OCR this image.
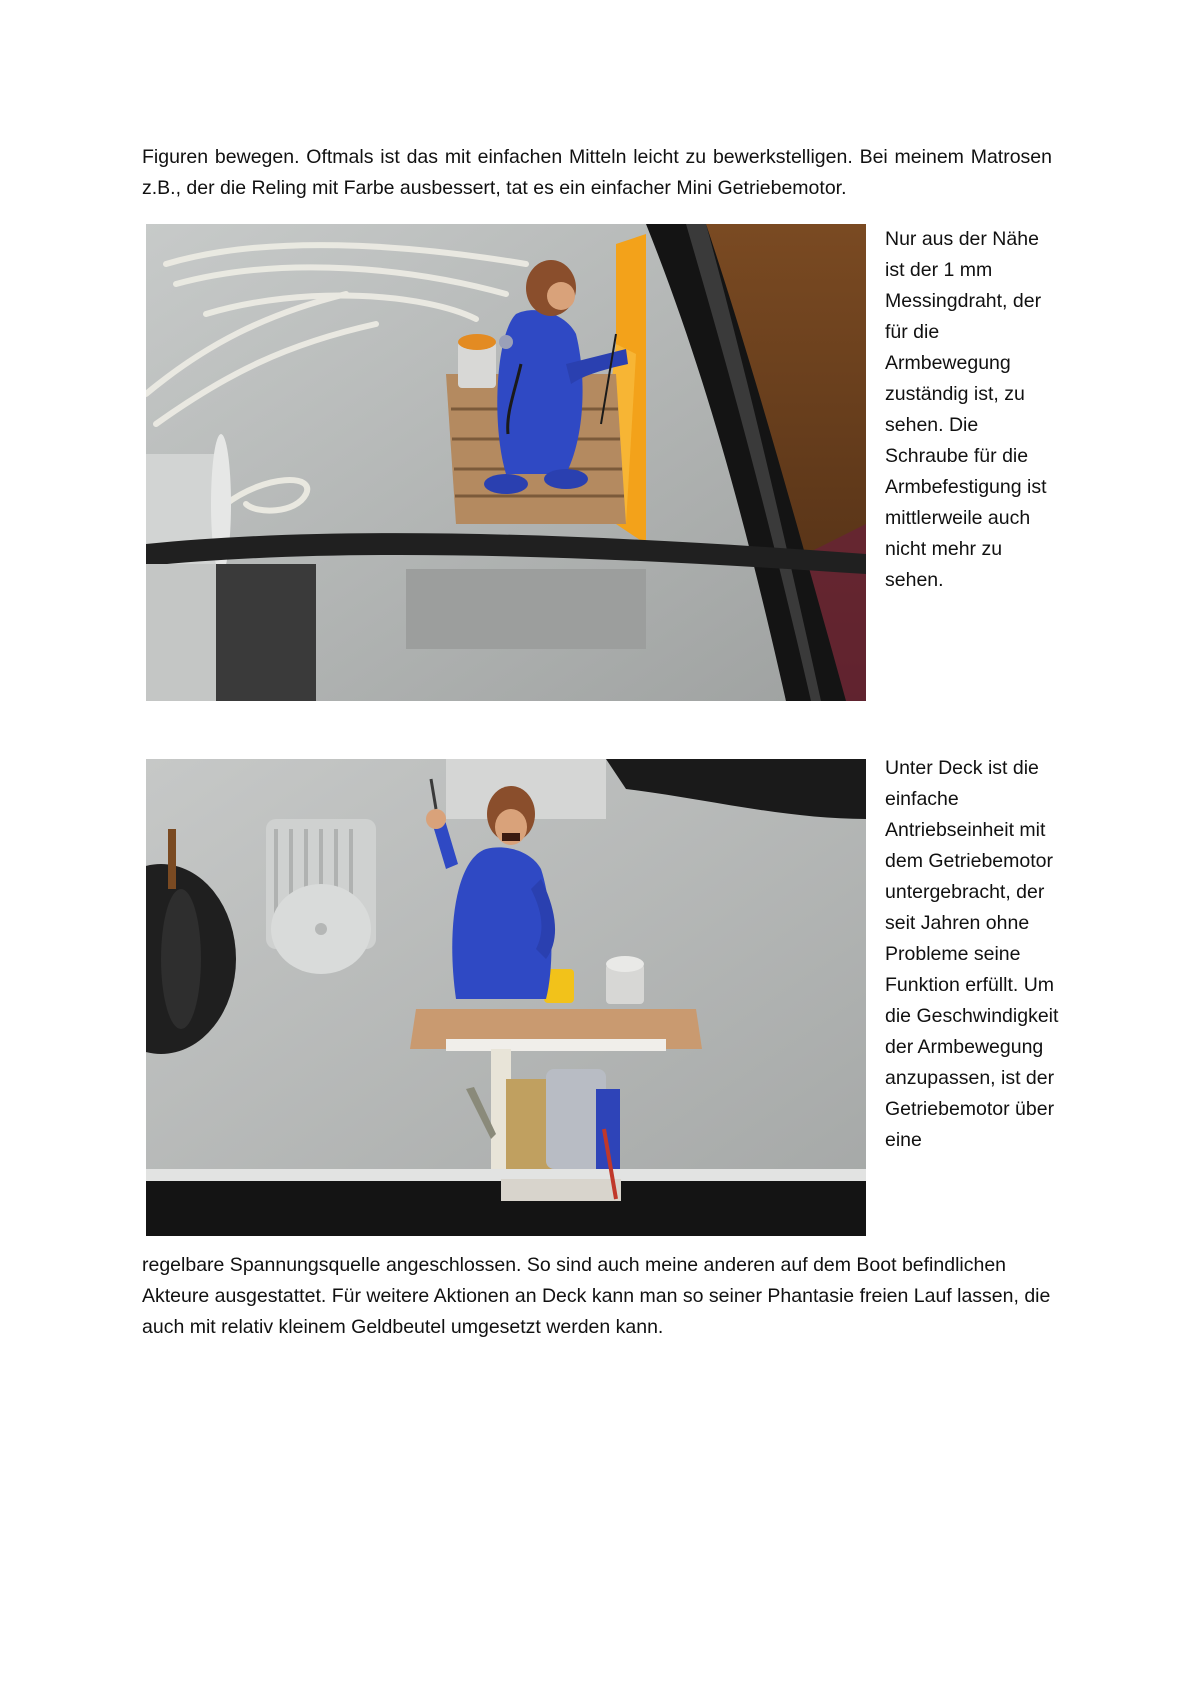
Figuren bewegen. Oftmals ist das mit einfachen Mitteln leicht zu bewerkstelligen. Bei meinem Matrosen z.B., der die Reling mit Farbe ausbessert, tat es ein einfacher Mini Getriebemotor.

Nur aus der Nähe ist der 1 mm Messingdraht, der für die Armbewegung zuständig ist, zu sehen. Die Schraube für die Armbefestigung ist mittlerweile auch nicht mehr zu sehen.

Unter Deck ist die einfache Antriebseinheit mit dem Getriebemotor untergebracht, der seit Jahren ohne Probleme seine Funktion erfüllt. Um die Geschwindigkeit der Armbewegung anzupassen, ist der Getriebemotor über eine

regelbare Spannungsquelle angeschlossen. So sind auch meine anderen auf dem Boot befindlichen Akteure ausgestattet. Für weitere Aktionen an Deck kann man so seiner Phantasie freien Lauf lassen, die auch mit relativ kleinem Geldbeutel umgesetzt werden kann.
